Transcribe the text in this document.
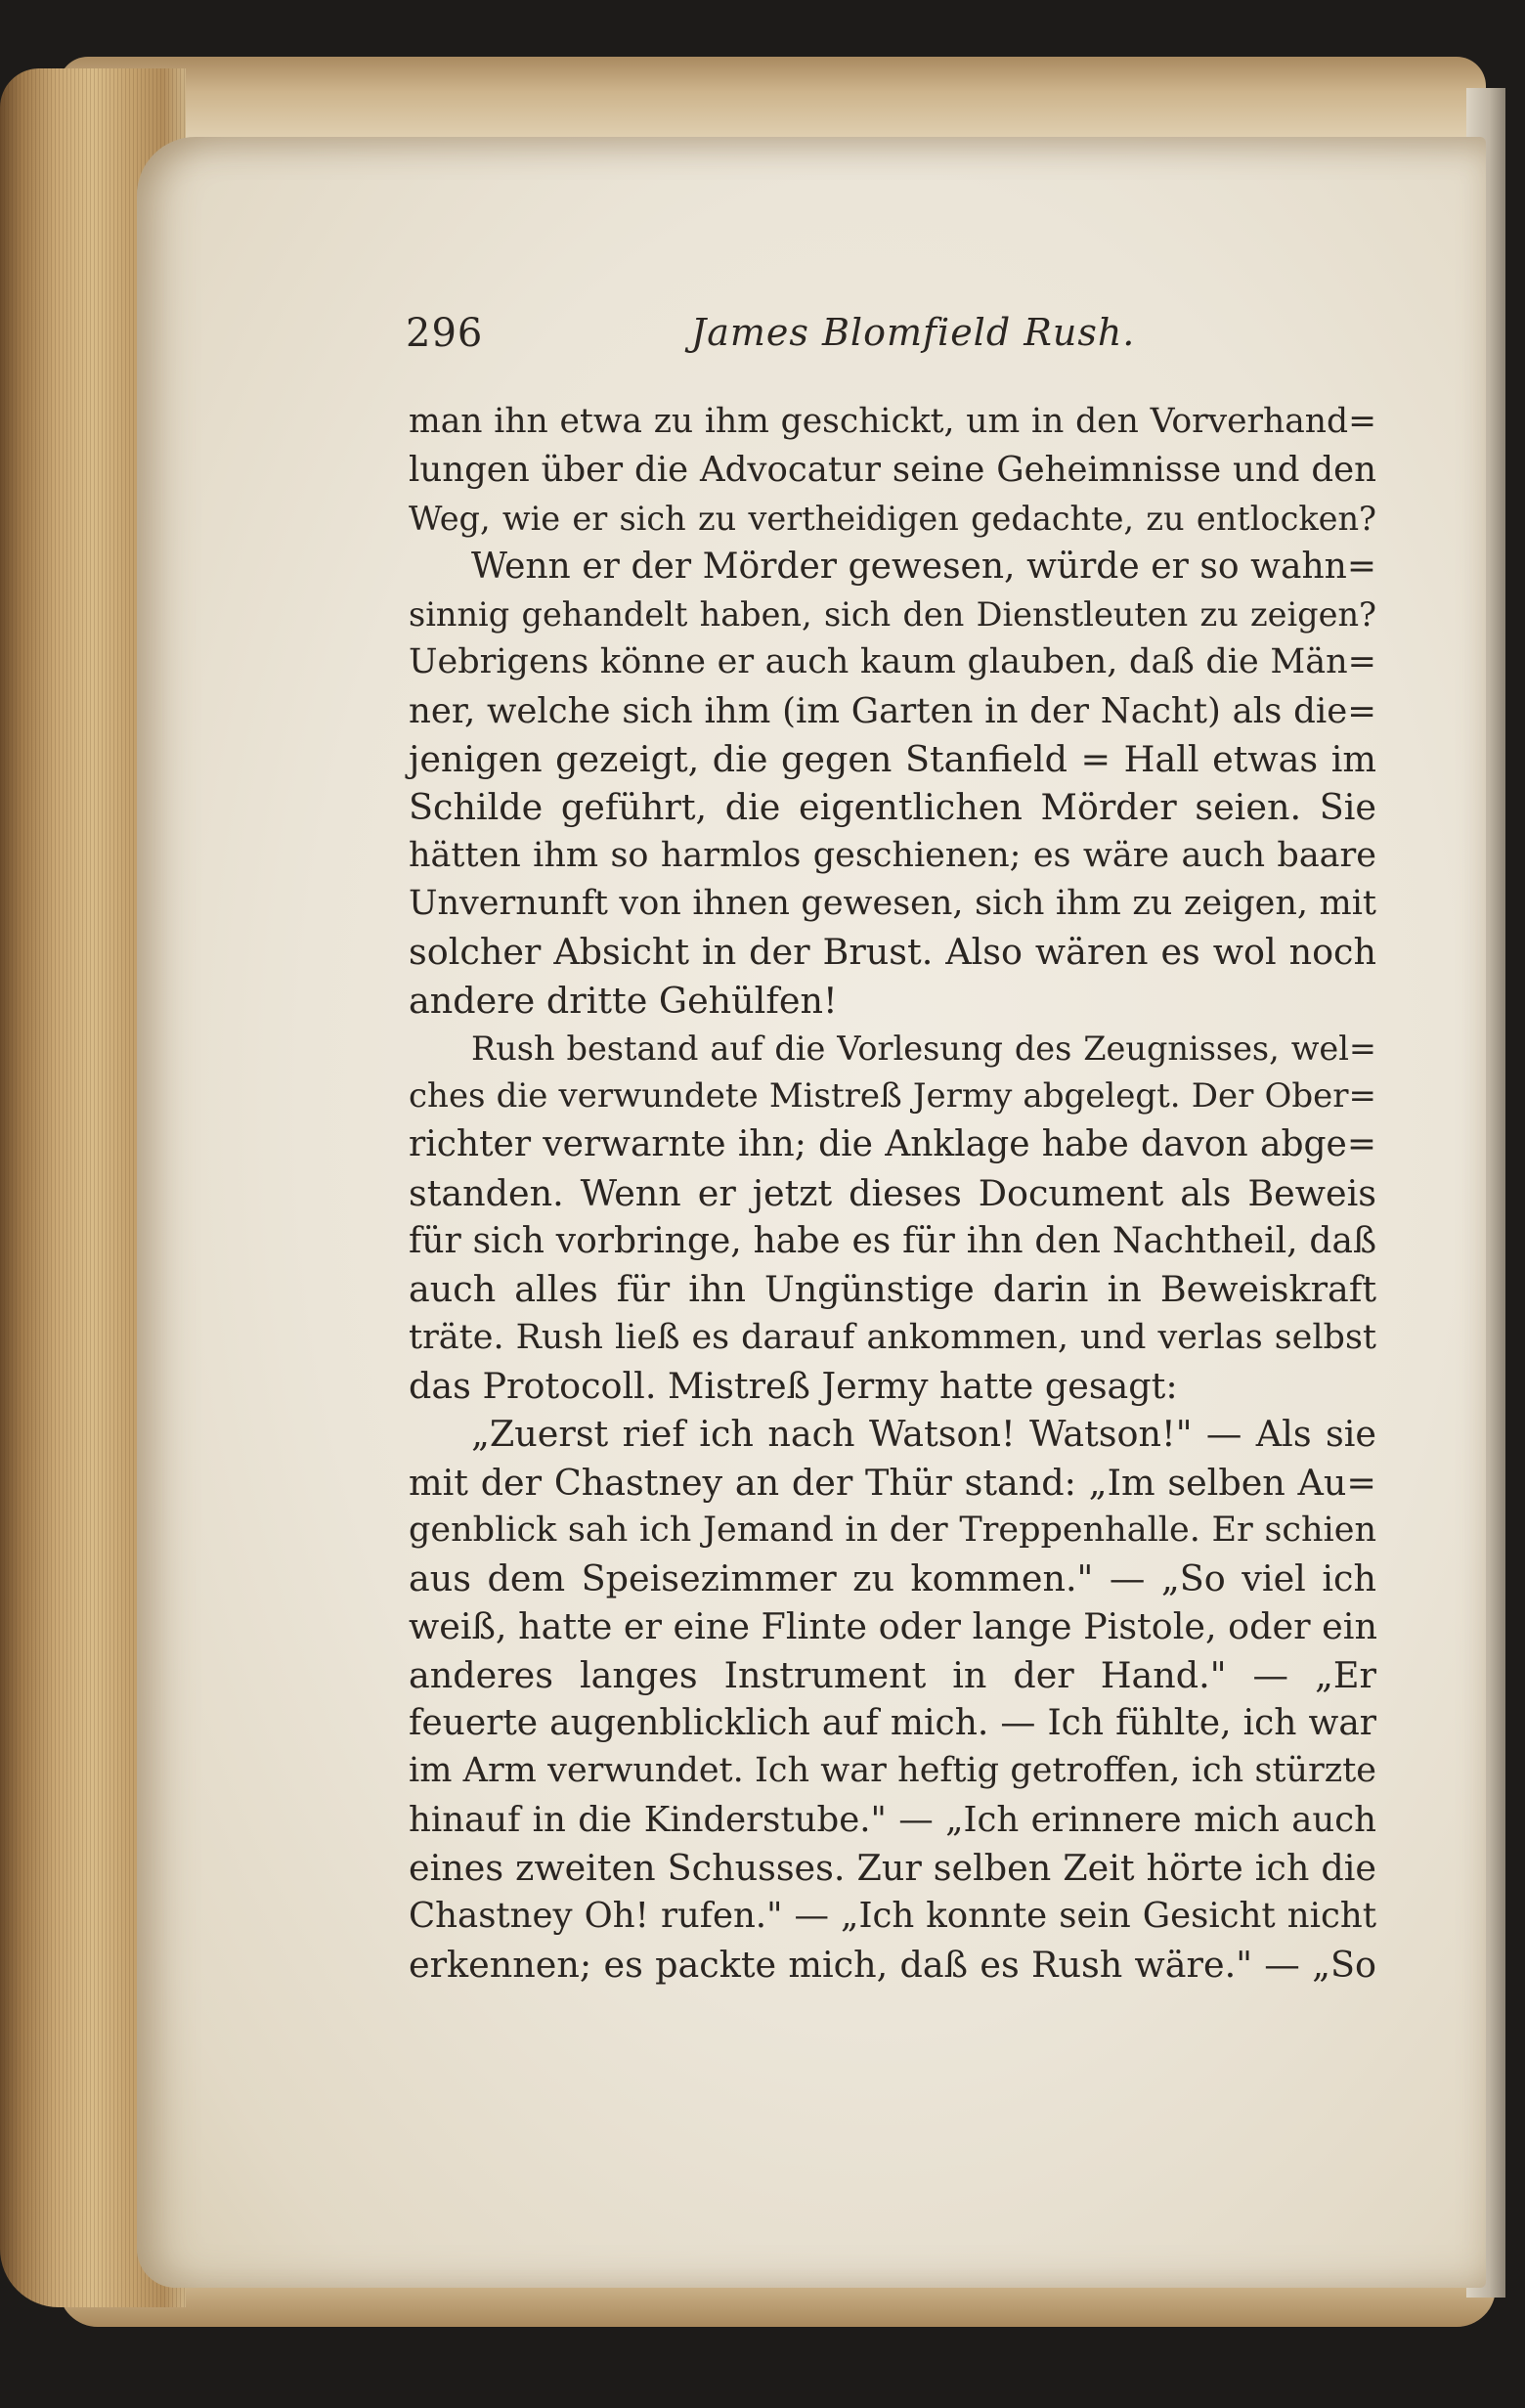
296	James Blomfield Rush.
man ihn etwa zu ihm geschickt, um in den Vorverhand=
lungen über die Advocatur seine Geheimnisse und den
Weg, wie er sich zu vertheidigen gedachte, zu entlocken?
Wenn er der Mörder gewesen, würde er so wahn=
sinnig gehandelt haben, sich den Dienstleuten zu zeigen?
Uebrigens könne er auch kaum glauben, daß die Män=
ner, welche sich ihm (im Garten in der Nacht) als die=
jenigen gezeigt, die gegen Stanfield = Hall etwas im
Schilde geführt, die eigentlichen Mörder seien. Sie
hätten ihm so harmlos geschienen; es wäre auch baare
Unvernunft von ihnen gewesen, sich ihm zu zeigen, mit
solcher Absicht in der Brust. Also wären es wol noch
andere dritte Gehülfen!
Rush bestand auf die Vorlesung des Zeugnisses, wel=
ches die verwundete Mistreß Jermy abgelegt. Der Ober=
richter verwarnte ihn; die Anklage habe davon abge=
standen. Wenn er jetzt dieses Document als Beweis
für sich vorbringe, habe es für ihn den Nachtheil, daß
auch alles für ihn Ungünstige darin in Beweiskraft
träte. Rush ließ es darauf ankommen, und verlas selbst
das Protocoll. Mistreß Jermy hatte gesagt:
„Zuerst rief ich nach Watson! Watson!" — Als sie
mit der Chastney an der Thür stand: „Im selben Au=
genblick sah ich Jemand in der Treppenhalle. Er schien
aus dem Speisezimmer zu kommen." — „So viel ich
weiß, hatte er eine Flinte oder lange Pistole, oder ein
anderes langes Instrument in der Hand." — „Er
feuerte augenblicklich auf mich. — Ich fühlte, ich war
im Arm verwundet. Ich war heftig getroffen, ich stürzte
hinauf in die Kinderstube." — „Ich erinnere mich auch
eines zweiten Schusses. Zur selben Zeit hörte ich die
Chastney Oh! rufen." — „Ich konnte sein Gesicht nicht
erkennen; es packte mich, daß es Rush wäre." — „So
